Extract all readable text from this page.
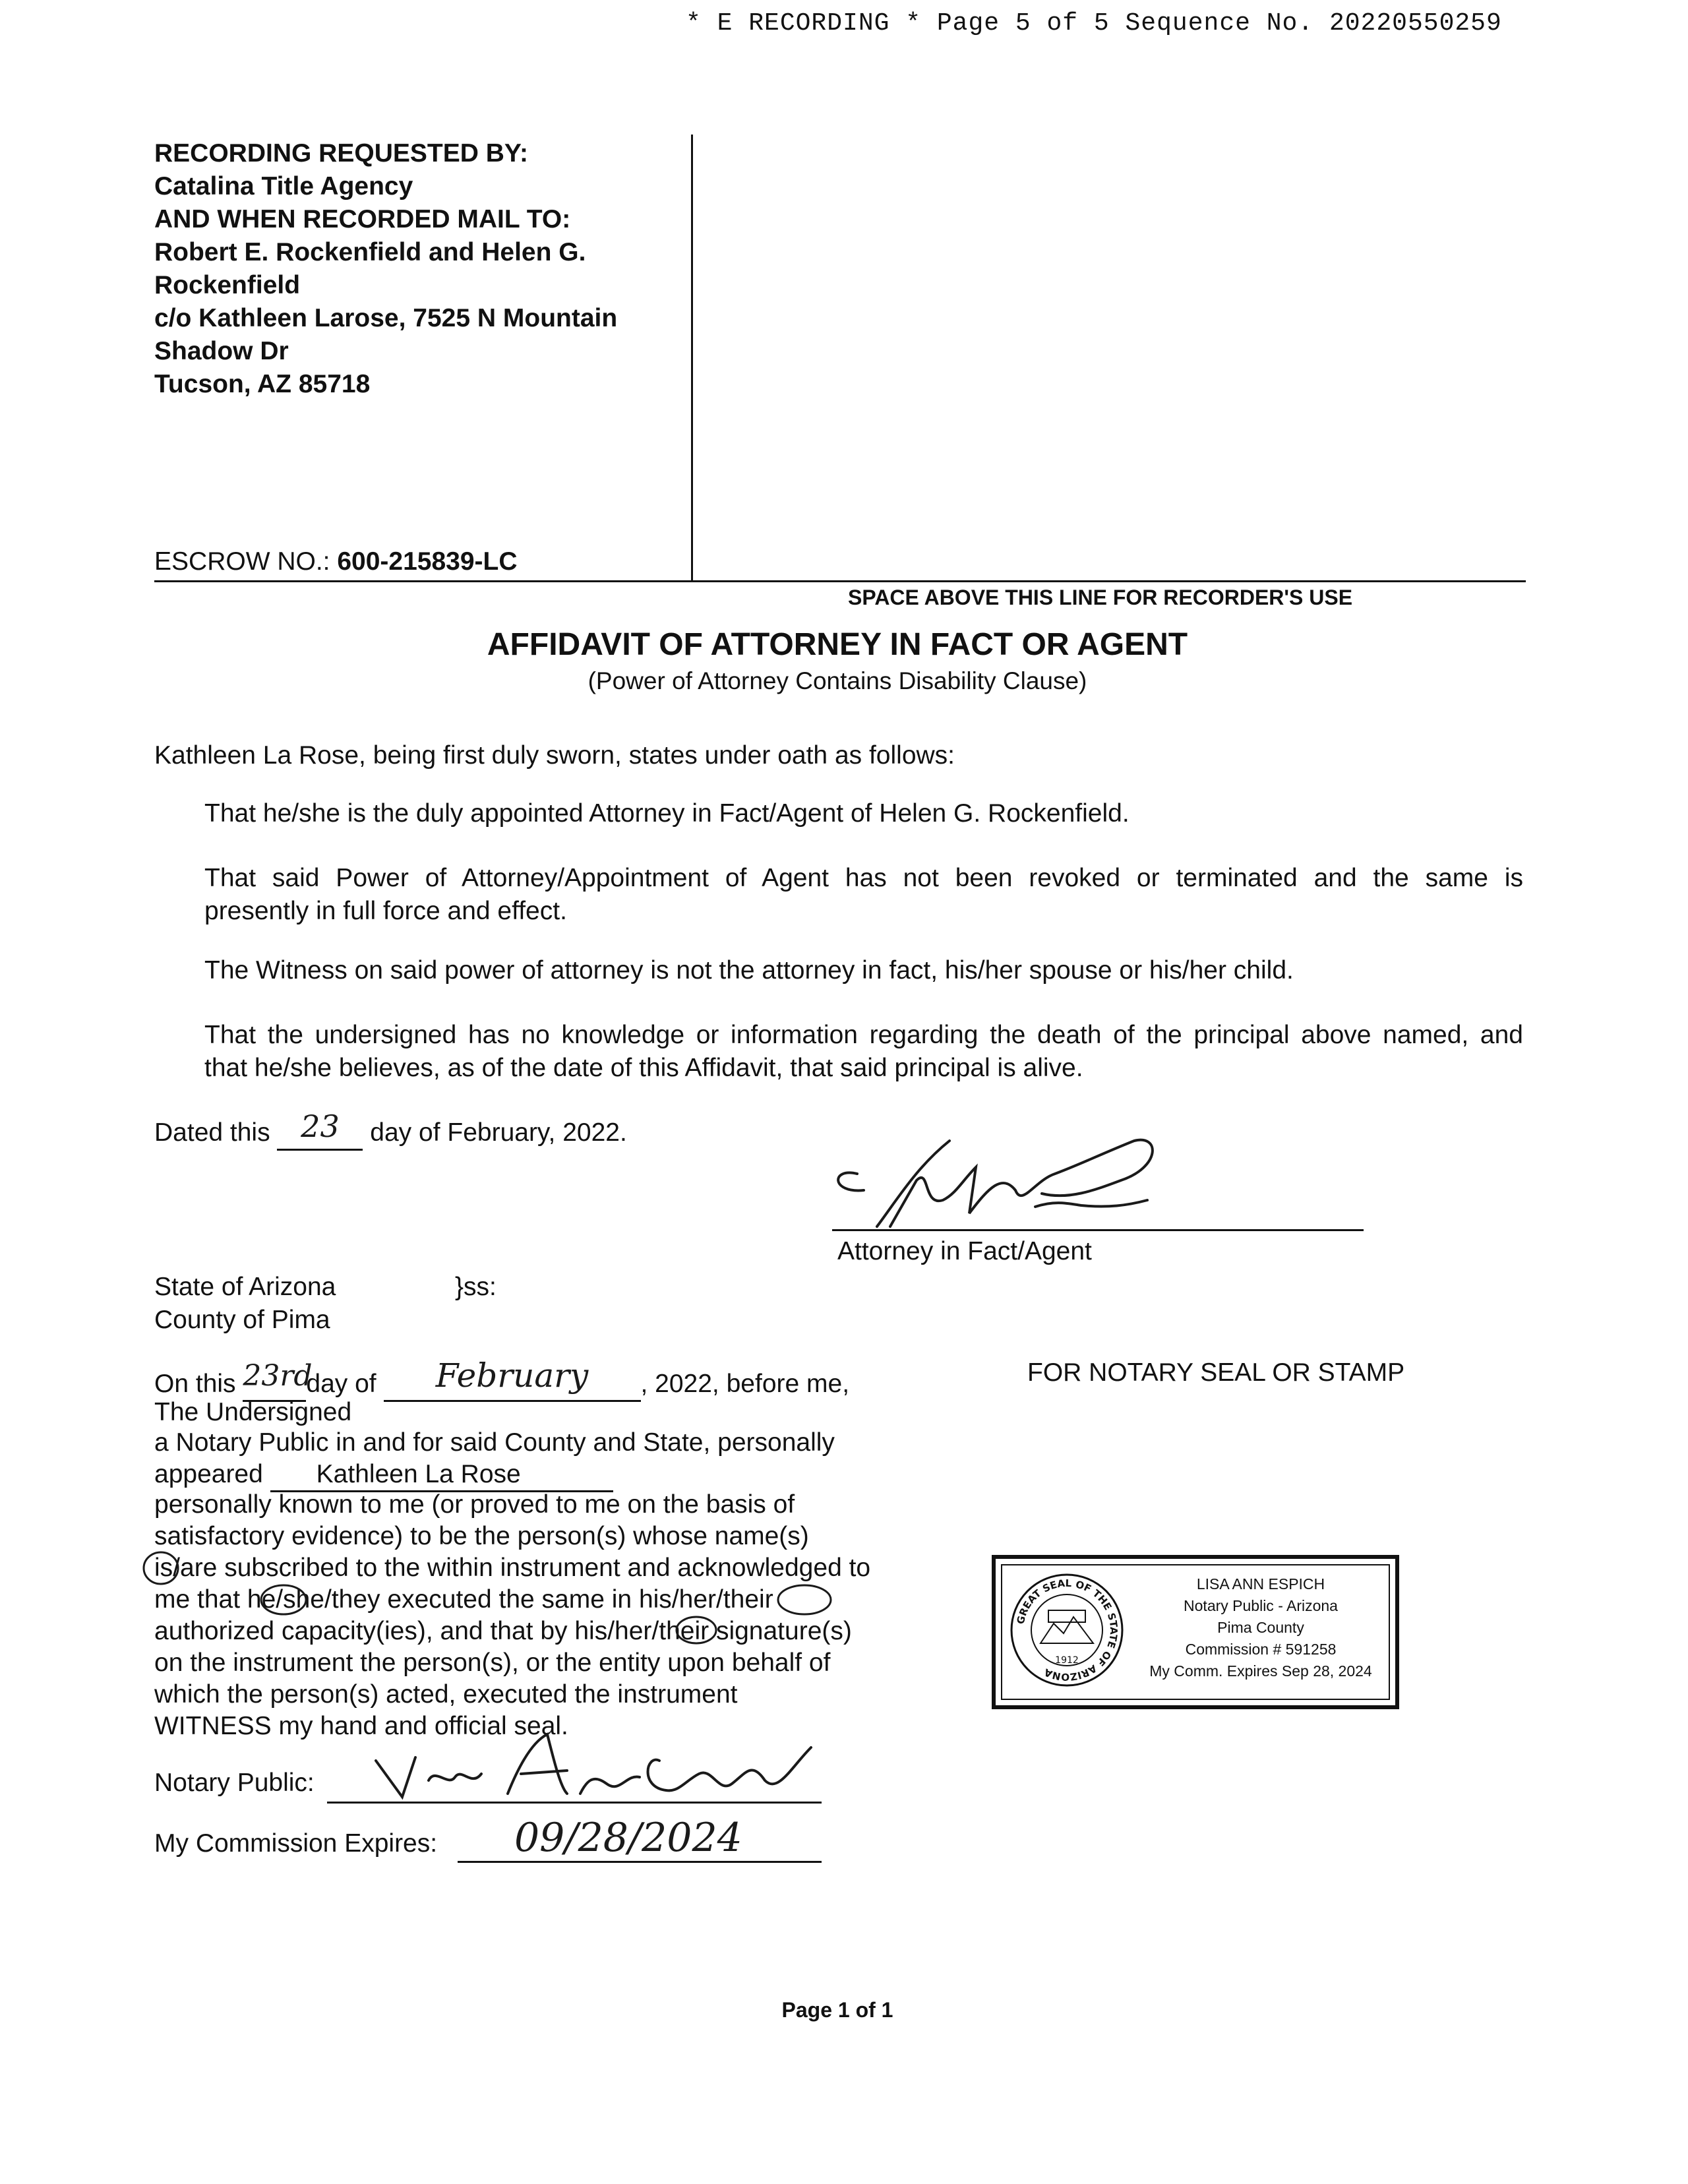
* E RECORDING * Page 5 of 5 Sequence No. 20220550259
RECORDING REQUESTED BY:
Catalina Title Agency
AND WHEN RECORDED MAIL TO:
Robert E. Rockenfield and Helen G.
Rockenfield
c/o Kathleen Larose, 7525 N Mountain
Shadow Dr
Tucson, AZ 85718
ESCROW NO.: 600-215839-LC
SPACE ABOVE THIS LINE FOR RECORDER'S USE
AFFIDAVIT OF ATTORNEY IN FACT OR AGENT
(Power of Attorney Contains Disability Clause)
Kathleen La Rose, being first duly sworn, states under oath as follows:
That he/she is the duly appointed Attorney in Fact/Agent of Helen G. Rockenfield.
That said Power of Attorney/Appointment of Agent has not been revoked or terminated and the same is
presently in full force and effect.
The Witness on said power of attorney is not the attorney in fact, his/her spouse or his/her child.
That the undersigned has no knowledge or information regarding the death of the principal above named, and
that he/she believes, as of the date of this Affidavit, that said principal is alive.
Dated this 23 day of February, 2022.
Attorney in Fact/Agent
State of Arizona	}ss:
County of Pima
On this 23rdday of February , 2022, before me,
The Undersigned
a Notary Public in and for said County and State, personally
appeared Kathleen La Rose
personally known to me (or proved to me on the basis of
satisfactory evidence) to be the person(s) whose name(s)
is/are subscribed to the within instrument and acknowledged to
me that he/she/they executed the same in his/her/their
authorized capacity(ies), and that by his/her/their signature(s)
on the instrument the person(s), or the entity upon behalf of
which the person(s) acted, executed the instrument
WITNESS my hand and official seal.
Notary Public:
My Commission Expires: 09/28/2024
FOR NOTARY SEAL OR STAMP
GREAT SEAL OF THE STATE OF ARIZONA
1912
LISA ANN ESPICH
Notary Public - Arizona
Pima County
Commission # 591258
My Comm. Expires Sep 28, 2024
Page 1 of 1
